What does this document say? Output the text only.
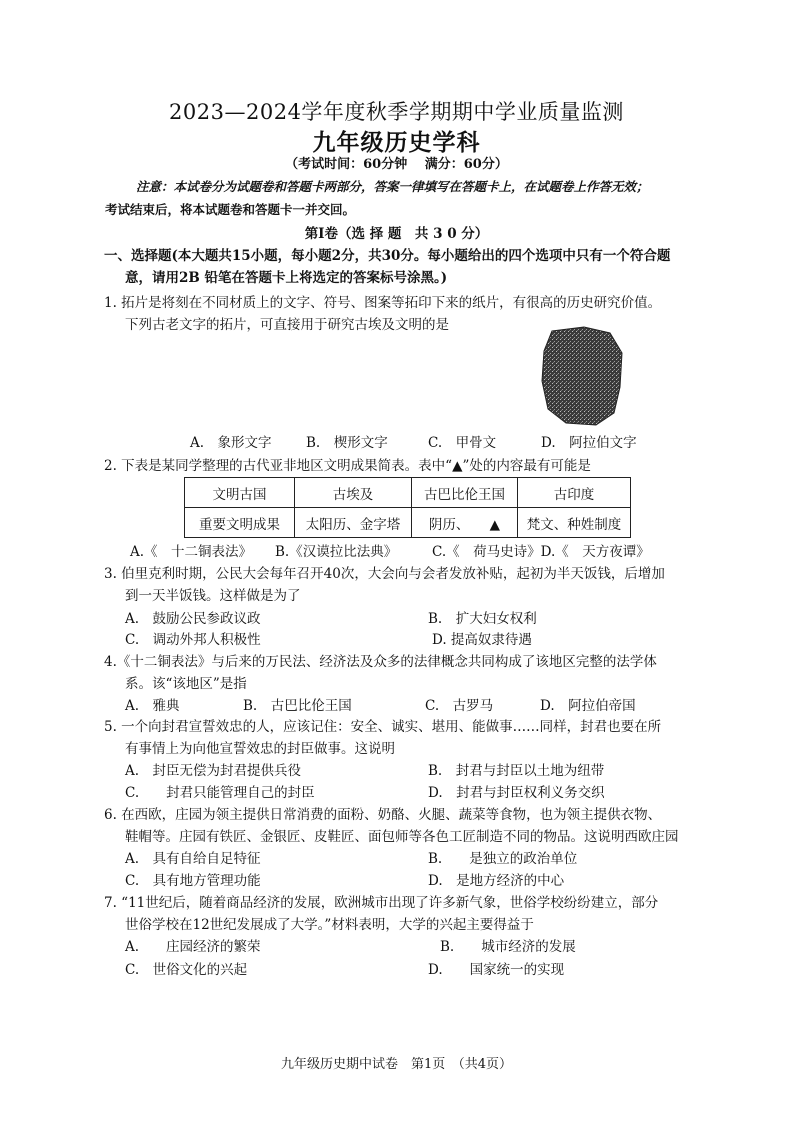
2023—2024学年度秋季学期期中学业质量监测
九年级历史学科
（考试时间：60分钟　 满分：60分）
注意：本试卷分为试题卷和答题卡两部分，答案一律填写在答题卡上，在试题卷上作答无效；
考试结束后，将本试题卷和答题卡一并交回。
第Ⅰ卷（选 择 题　共 3 0 分）
一、选择题(本大题共15小题，每小题2分，共30分。每小题给出的四个选项中只有一个符合题
意，请用2B 铅笔在答题卡上将选定的答案标号涂黑。)
1. 拓片是将刻在不同材质上的文字、符号、图案等拓印下来的纸片，有很高的历史研究价值。
下列古老文字的拓片，可直接用于研究古埃及文明的是
A.　象形文字	B.　楔形文字	C.　甲骨文	D.　阿拉伯文字
2. 下表是某同学整理的古代亚非地区文明成果简表。表中“▲”处的内容最有可能是
文明古国	古埃及	古巴比伦王国	古印度
重要文明成果	太阳历、金字塔	阴历、　　▲	梵文、种姓制度
A.《　十二铜表法》 B.《汉谟拉比法典》	C.《　荷马史诗》D.《　天方夜谭》
3. 伯里克利时期，公民大会每年召开40次，大会向与会者发放补贴，起初为半天饭钱，后增加
到一天半饭钱。这样做是为了
A.　鼓励公民参政议政	B.　扩大妇女权利
C.　调动外邦人积极性	D. 提高奴隶待遇
4.《十二铜表法》与后来的万民法、经济法及众多的法律概念共同构成了该地区完整的法学体
系。该“该地区”是指
A.　雅典	B.　古巴比伦王国	C.　古罗马	D.　阿拉伯帝国
5. 一个向封君宣誓效忠的人，应该记住：安全、诚实、堪用、能做事……同样，封君也要在所
有事情上为向他宣誓效忠的封臣做事。这说明
A.　封臣无偿为封君提供兵役	B.　封君与封臣以土地为纽带
C.　　封君只能管理自己的封臣	D.　封君与封臣权利义务交织
6. 在西欧，庄园为领主提供日常消费的面粉、奶酪、火腿、蔬菜等食物，也为领主提供衣物、
鞋帽等。庄园有铁匠、金银匠、皮鞋匠、面包师等各色工匠制造不同的物品。这说明西欧庄园
A.　具有自给自足特征	B.　　是独立的政治单位
C.　具有地方管理功能	D.　是地方经济的中心
7. “11世纪后，随着商品经济的发展，欧洲城市出现了许多新气象，世俗学校纷纷建立，部分
世俗学校在12世纪发展成了大学。”材料表明，大学的兴起主要得益于
A.　　庄园经济的繁荣	B.　　城市经济的发展
C.　世俗文化的兴起	D.　　国家统一的实现
九年级历史期中试卷　第1页　（共4页）
